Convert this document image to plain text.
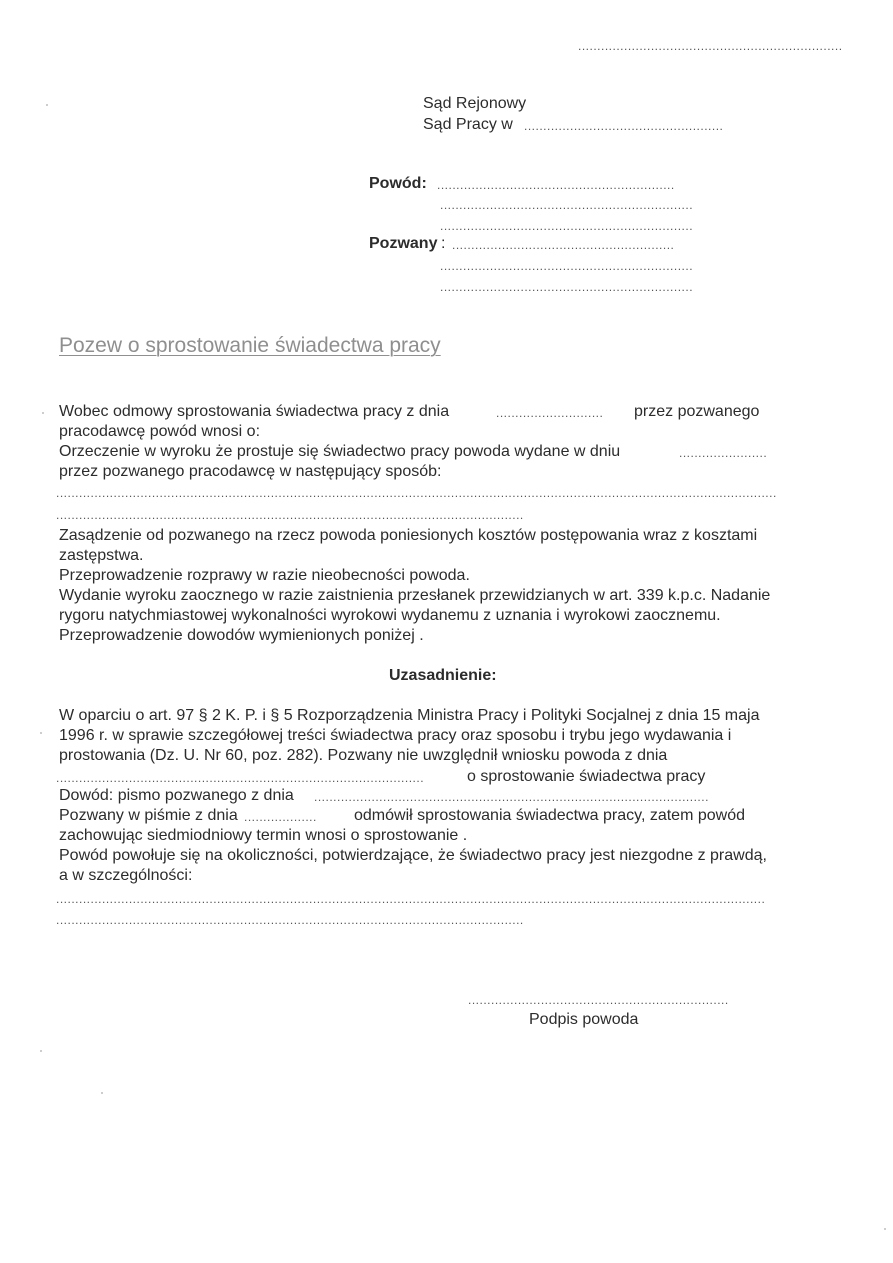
.....................................................................
Sąd Rejonowy
Sąd Pracy w ....................................................
Powód: ..............................................................
..................................................................
..................................................................
Pozwany : ..........................................................
..................................................................
..................................................................
Pozew o sprostowanie świadectwa pracy
Wobec odmowy sprostowania świadectwa pracy z dnia	............................ przez pozwanego
pracodawcę powód wnosi o:
Orzeczenie w wyroku że prostuje się świadectwo pracy powoda wydane w dniu	.......................
przez pozwanego pracodawcę w następujący sposób:
............................................................................................................................................................................................
..........................................................................................................................
Zasądzenie od pozwanego na rzecz powoda poniesionych kosztów postępowania wraz z kosztami
zastępstwa.
Przeprowadzenie rozprawy w razie nieobecności powoda.
Wydanie wyroku zaocznego w razie zaistnienia przesłanek przewidzianych w art. 339 k.p.c. Nadanie
rygoru natychmiastowej wykonalności wyrokowi wydanemu z uznania i wyrokowi zaocznemu.
Przeprowadzenie dowodów wymienionych poniżej .
Uzasadnienie:
W oparciu o art. 97 § 2 K. P. i § 5 Rozporządzenia Ministra Pracy i Polityki Socjalnej z dnia 15 maja
1996 r. w sprawie szczegółowej treści świadectwa pracy oraz sposobu i trybu jego wydawania i
prostowania (Dz. U. Nr 60, poz. 282). Pozwany nie uwzględnił wniosku powoda z dnia
................................................................................................	o sprostowanie świadectwa pracy
Dowód: pismo pozwanego z dnia .......................................................................................................
Pozwany w piśmie z dnia ................... odmówił sprostowania świadectwa pracy, zatem powód
zachowując siedmiodniowy termin wnosi o sprostowanie .
Powód powołuje się na okoliczności, potwierdzające, że świadectwo pracy jest niezgodne z prawdą,
a w szczególności:
.........................................................................................................................................................................................
..........................................................................................................................
....................................................................
Podpis powoda
